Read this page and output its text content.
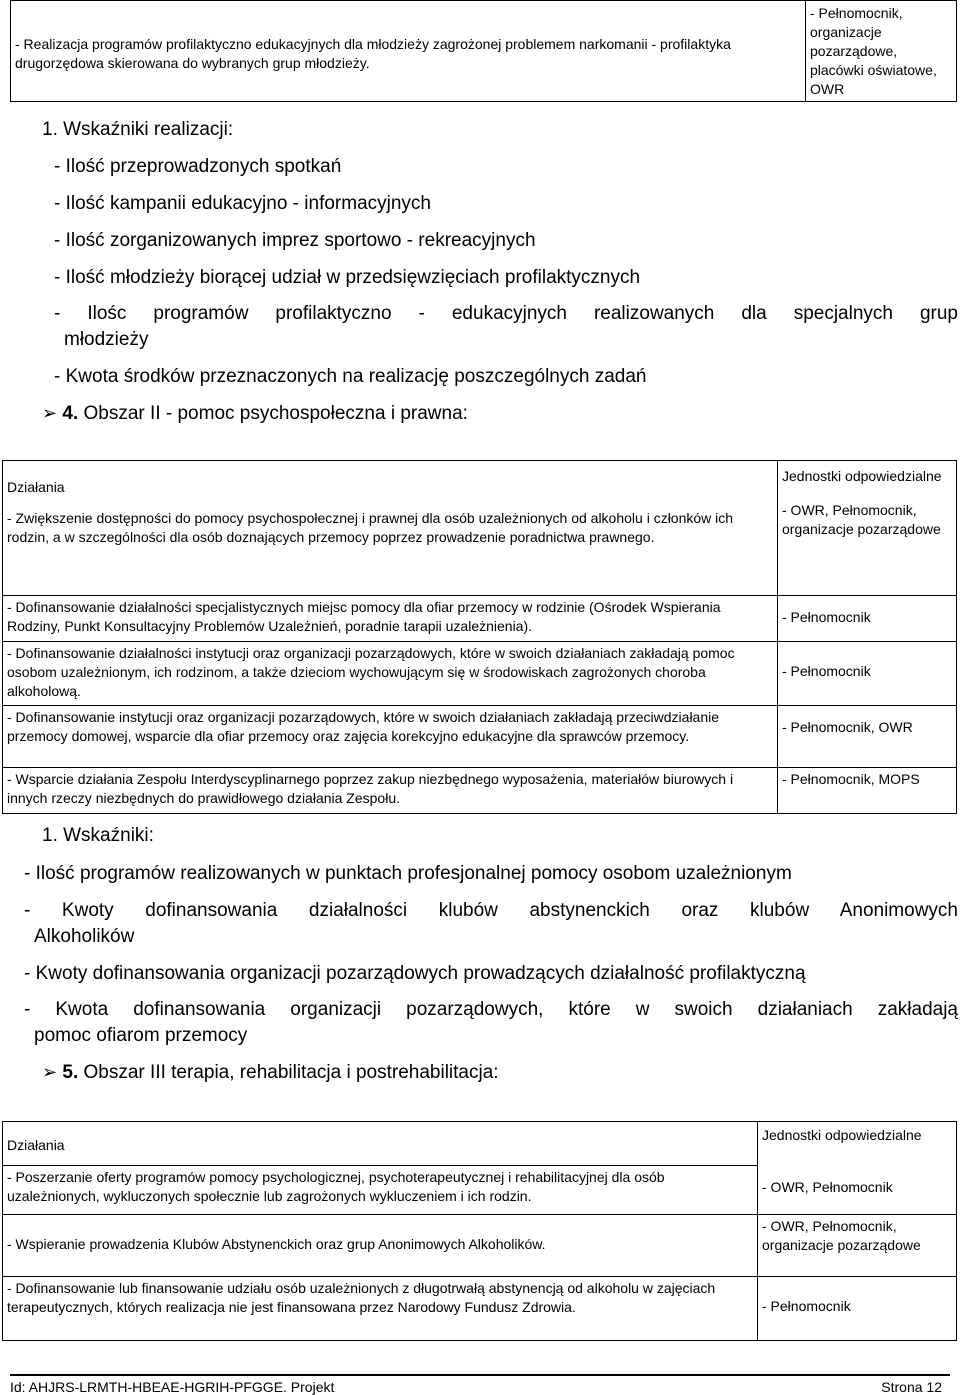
- Realizacja programów profilaktyczno edukacyjnych dla młodzieży zagrożonej problemem narkomanii - profilaktyka drugorzędowa skierowana do wybranych grup młodzieży.	- Pełnomocnik, organizacje pozarządowe, placówki oświatowe, OWR
1. Wskaźniki realizacji:
- Ilość przeprowadzonych spotkań
- Ilość kampanii edukacyjno - informacyjnych
- Ilość zorganizowanych imprez sportowo - rekreacyjnych
- Ilość młodzieży biorącej udział w przedsięwzięciach profilaktycznych
- Ilośc programów profilaktyczno - edukacyjnych realizowanych dla specjalnych grup
młodzieży
- Kwota środków przeznaczonych na realizację poszczególnych zadań
➢ 4. Obszar II - pomoc psychospołeczna i prawna:
Działania	Jednostki odpowiedzialne
- Zwiększenie dostępności do pomocy psychospołecznej i prawnej dla osób uzależnionych od alkoholu i członków ich rodzin, a w szczególności dla osób doznających przemocy poprzez prowadzenie poradnictwa prawnego.	- OWR, Pełnomocnik, organizacje pozarządowe
- Dofinansowanie działalności specjalistycznych miejsc pomocy dla ofiar przemocy w rodzinie (Ośrodek Wspierania Rodziny, Punkt Konsultacyjny Problemów Uzależnień, poradnie tarapii uzależnienia).	- Pełnomocnik
- Dofinansowanie działalności instytucji oraz organizacji pozarządowych, które w swoich działaniach zakładają pomoc osobom uzależnionym, ich rodzinom, a także dzieciom wychowującym się w środowiskach zagrożonych choroba alkoholową.	- Pełnomocnik
- Dofinansowanie instytucji oraz organizacji pozarządowych, które w swoich działaniach zakładają przeciwdziałanie przemocy domowej, wsparcie dla ofiar przemocy oraz zajęcia korekcyjno edukacyjne dla sprawców przemocy.	- Pełnomocnik, OWR
- Wsparcie działania Zespołu Interdyscyplinarnego poprzez zakup niezbędnego wyposażenia, materiałów biurowych i innych rzeczy niezbędnych do prawidłowego działania Zespołu.	- Pełnomocnik, MOPS
1. Wskaźniki:
- Ilość programów realizowanych w punktach profesjonalnej pomocy osobom uzależnionym
- Kwoty dofinansowania działalności klubów abstynenckich oraz klubów Anonimowych
Alkoholików
- Kwoty dofinansowania organizacji pozarządowych prowadzących działalność profilaktyczną
- Kwota dofinansowania organizacji pozarządowych, które w swoich działaniach zakładają
pomoc ofiarom przemocy
➢ 5. Obszar III terapia, rehabilitacja i postrehabilitacja:
Działania	Jednostki odpowiedzialne
- Poszerzanie oferty programów pomocy psychologicznej, psychoterapeutycznej i rehabilitacyjnej dla osób uzależnionych, wykluczonych społecznie lub zagrożonych wykluczeniem i ich rodzin.	- OWR, Pełnomocnik
- Wspieranie prowadzenia Klubów Abstynenckich oraz grup Anonimowych Alkoholików.	- OWR, Pełnomocnik, organizacje pozarządowe
- Dofinansowanie lub finansowanie udziału osób uzależnionych z długotrwałą abstynencją od alkoholu w zajęciach terapeutycznych, których realizacja nie jest finansowana przez Narodowy Fundusz Zdrowia.	- Pełnomocnik
Id: AHJRS-LRMTH-HBEAE-HGRIH-PFGGE. Projekt	Strona 12
